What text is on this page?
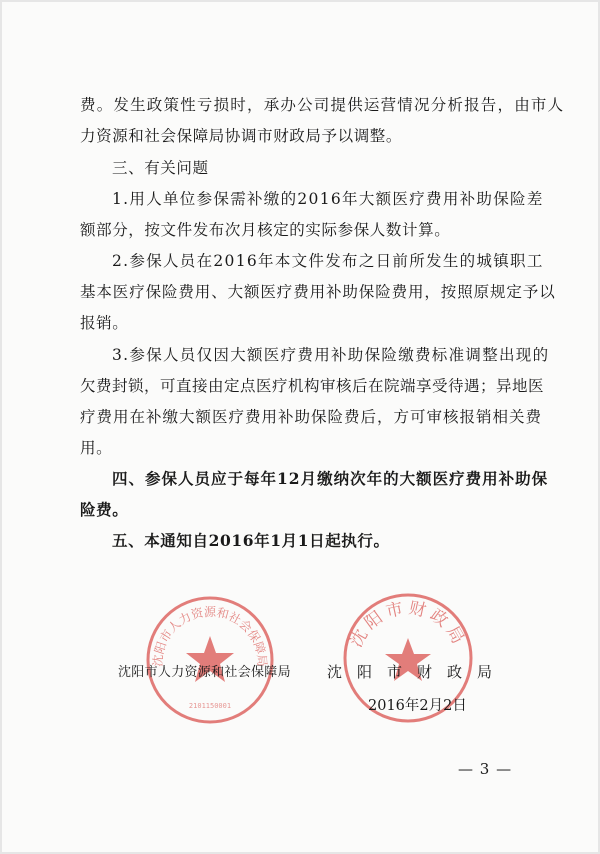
费。发生政策性亏损时，承办公司提供运营情况分析报告，由市人
力资源和社会保障局协调市财政局予以调整。
三、有关问题
1.用人单位参保需补缴的2016年大额医疗费用补助保险差
额部分，按文件发布次月核定的实际参保人数计算。
2.参保人员在2016年本文件发布之日前所发生的城镇职工
基本医疗保险费用、大额医疗费用补助保险费用，按照原规定予以
报销。
3.参保人员仅因大额医疗费用补助保险缴费标准调整出现的
欠费封锁，可直接由定点医疗机构审核后在院端享受待遇；异地医
疗费用在补缴大额医疗费用补助保险费后，方可审核报销相关费
用。
四、参保人员应于每年12月缴纳次年的大额医疗费用补助保
险费。
五、本通知自2016年1月1日起执行。
沈阳市人力资源和社会保障局
2101150001
沈阳市财政局
沈阳市人力资源和社会保障局 沈　阳　市　财　政　局
2016年2月2日
— 3 —
